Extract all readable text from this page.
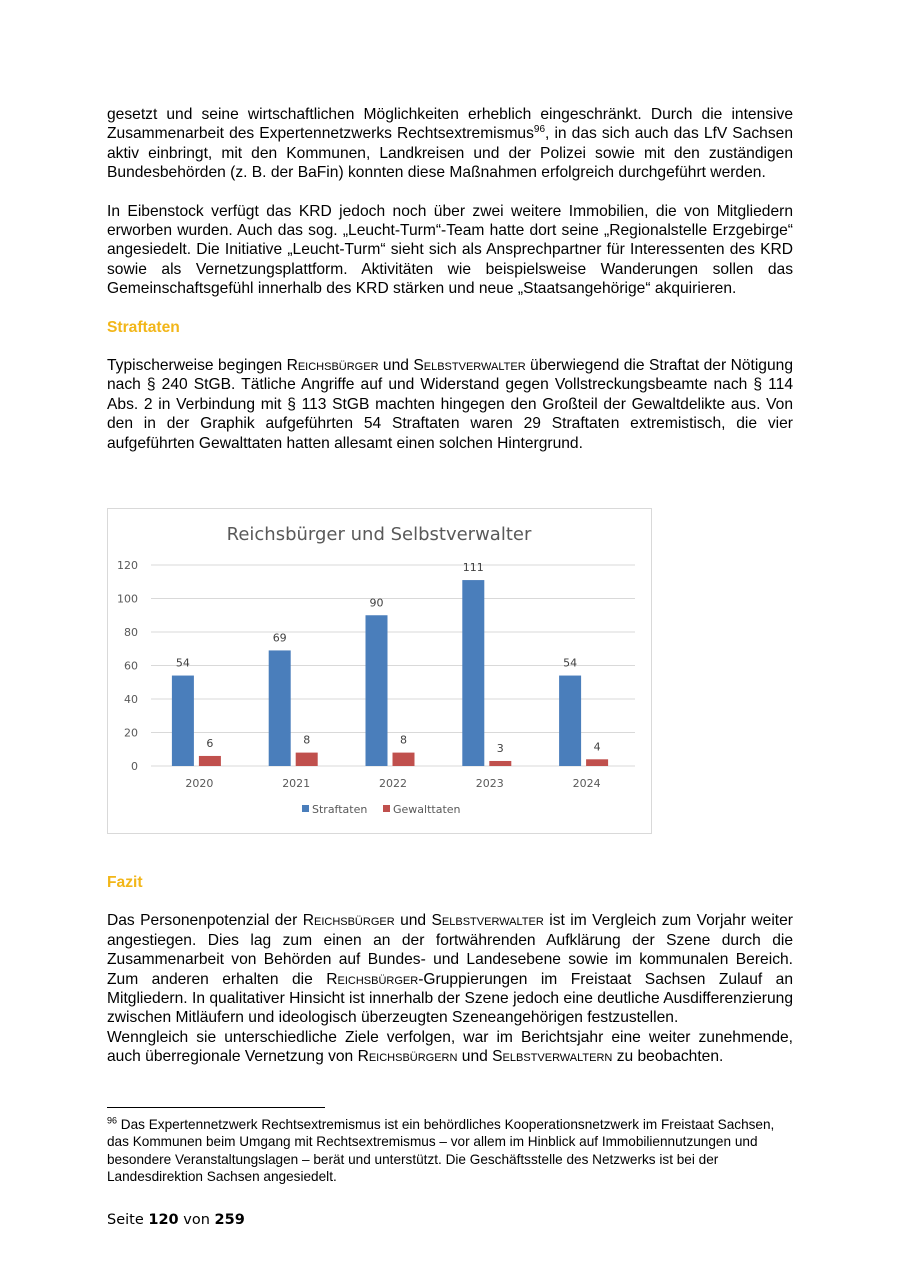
gesetzt und seine wirtschaftlichen Möglichkeiten erheblich eingeschränkt. Durch die intensive Zusammenarbeit des Expertennetzwerks Rechtsextremismus$^{96}$, in das sich auch das LfV Sachsen aktiv einbringt, mit den Kommunen, Landkreisen und der Polizei sowie mit den zuständigen Bundesbehörden (z. B. der BaFin) konnten diese Maßnahmen erfolgreich durchgeführt werden.

In Eibenstock verfügt das KRD jedoch noch über zwei weitere Immobilien, die von Mitgliedern erworben wurden. Auch das sog. „Leucht-Turm“-Team hatte dort seine „Regionalstelle Erzgebirge“ angesiedelt. Die Initiative „Leucht-Turm“ sieht sich als Ansprechpartner für Interessenten des KRD sowie als Vernetzungsplattform. Aktivitäten wie beispielsweise Wanderungen sollen das Gemeinschaftsgefühl innerhalb des KRD stärken und neue „Staatsangehörige“ akquirieren.

Straftaten

Typischerweise begingen Reichsbürger und Selbstverwalter überwiegend die Straftat der Nötigung nach § 240 StGB. Tätliche Angriffe auf und Widerstand gegen Vollstreckungsbeamte nach § 114 Abs. 2 in Verbindung mit § 113 StGB machten hingegen den Großteil der Gewaltdelikte aus. Von den in der Graphik aufgeführten 54 Straftaten waren 29 Straftaten extremistisch, die vier aufgeführten Gewalttaten hatten allesamt einen solchen Hintergrund.

Reichsbürger und Selbstverwalter
0
20
40
60
80
100
120
54
6
69
8
90
8
111
3
54
4
2020	2021	2022	2023	2024
Straftaten Gewalttaten
Fazit

Das Personenpotenzial der Reichsbürger und Selbstverwalter ist im Vergleich zum Vorjahr weiter angestiegen. Dies lag zum einen an der fortwährenden Aufklärung der Szene durch die Zusammenarbeit von Behörden auf Bundes- und Landesebene sowie im kommunalen Bereich. Zum anderen erhalten die Reichsbürger-Gruppierungen im Freistaat Sachsen Zulauf an Mitgliedern. In qualitativer Hinsicht ist innerhalb der Szene jedoch eine deutliche Ausdifferenzierung zwischen Mitläufern und ideologisch überzeugten Szeneangehörigen festzustellen.

Wenngleich sie unterschiedliche Ziele verfolgen, war im Berichtsjahr eine weiter zunehmende, auch überregionale Vernetzung von Reichsbürgern und Selbstverwaltern zu beobachten.

$^{96}$ Das Expertennetzwerk Rechtsextremismus ist ein behördliches Kooperationsnetzwerk im Freistaat Sachsen, das Kommunen beim Umgang mit Rechtsextremismus – vor allem im Hinblick auf Immobiliennutzungen und besondere Veranstaltungslagen – berät und unterstützt. Die Geschäftsstelle des Netzwerks ist bei der Landesdirektion Sachsen angesiedelt.
Seite 120 von 259
